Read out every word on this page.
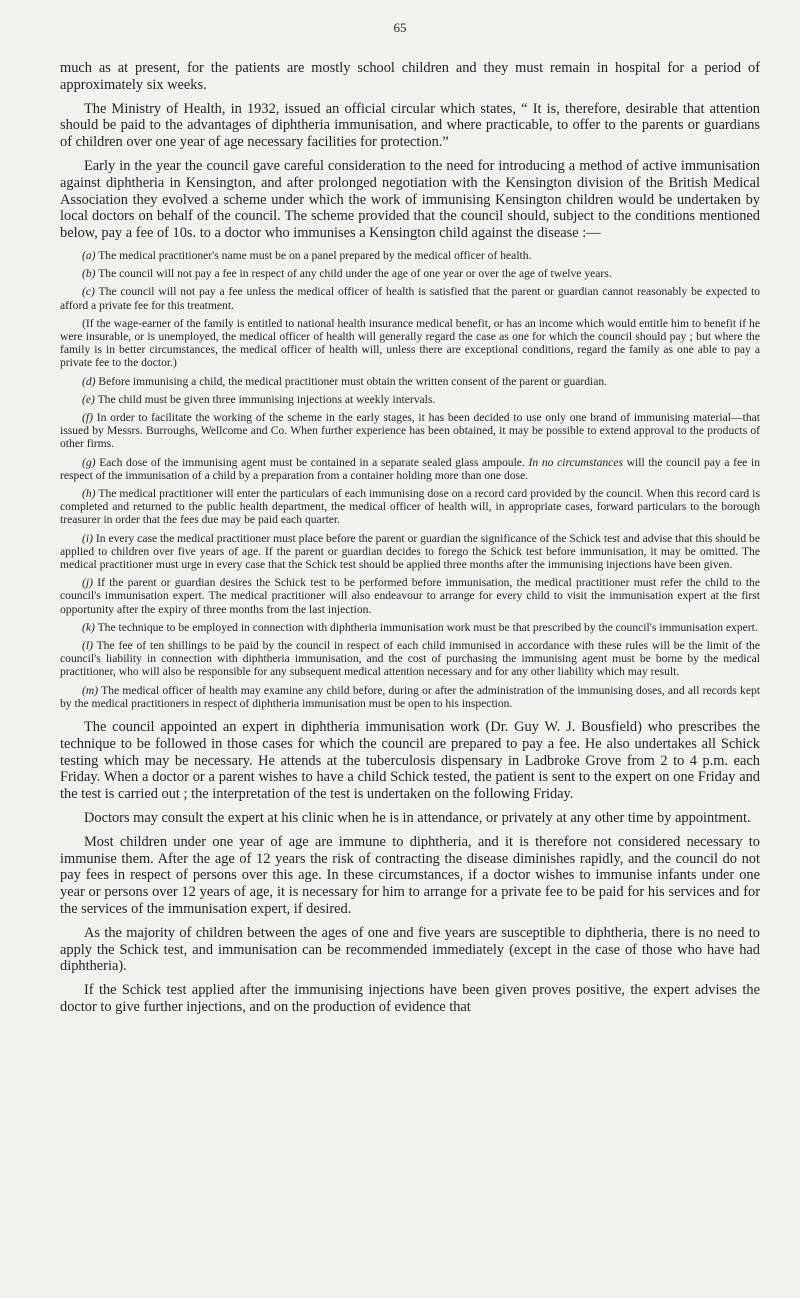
65

much as at present, for the patients are mostly school children and they must remain in hospital for a period of approximately six weeks.

The Ministry of Health, in 1932, issued an official circular which states, “ It is, therefore, desirable that attention should be paid to the advantages of diphtheria immunisation, and where practicable, to offer to the parents or guardians of children over one year of age necessary facilities for protection.”

Early in the year the council gave careful consideration to the need for introducing a method of active immunisation against diphtheria in Kensington, and after prolonged negotiation with the Kensington division of the British Medical Association they evolved a scheme under which the work of immunising Kensington children would be undertaken by local doctors on behalf of the council. The scheme provided that the council should, subject to the conditions mentioned below, pay a fee of 10s. to a doctor who immunises a Kensington child against the disease :—

(a) The medical practitioner's name must be on a panel prepared by the medical officer of health.

(b) The council will not pay a fee in respect of any child under the age of one year or over the age of twelve years.

(c) The council will not pay a fee unless the medical officer of health is satisfied that the parent or guardian cannot reasonably be expected to afford a private fee for this treatment.

(If the wage-earner of the family is entitled to national health insurance medical benefit, or has an income which would entitle him to benefit if he were insurable, or is unemployed, the medical officer of health will generally regard the case as one for which the council should pay ; but where the family is in better circumstances, the medical officer of health will, unless there are exceptional conditions, regard the family as one able to pay a private fee to the doctor.)

(d) Before immunising a child, the medical practitioner must obtain the written consent of the parent or guardian.

(e) The child must be given three immunising injections at weekly intervals.

(f) In order to facilitate the working of the scheme in the early stages, it has been decided to use only one brand of immunising material—that issued by Messrs. Burroughs, Wellcome and Co. When further experience has been obtained, it may be possible to extend approval to the products of other firms.

(g) Each dose of the immunising agent must be contained in a separate sealed glass ampoule. In no circumstances will the council pay a fee in respect of the immunisation of a child by a preparation from a container holding more than one dose.

(h) The medical practitioner will enter the particulars of each immunising dose on a record card provided by the council. When this record card is completed and returned to the public health department, the medical officer of health will, in appropriate cases, forward particulars to the borough treasurer in order that the fees due may be paid each quarter.

(i) In every case the medical practitioner must place before the parent or guardian the significance of the Schick test and advise that this should be applied to children over five years of age. If the parent or guardian decides to forego the Schick test before immunisation, it may be omitted. The medical practitioner must urge in every case that the Schick test should be applied three months after the immunising injections have been given.

(j) If the parent or guardian desires the Schick test to be performed before immunisation, the medical practitioner must refer the child to the council's immunisation expert. The medical practitioner will also endeavour to arrange for every child to visit the immunisation expert at the first opportunity after the expiry of three months from the last injection.

(k) The technique to be employed in connection with diphtheria immunisation work must be that prescribed by the council's immunisation expert.

(l) The fee of ten shillings to be paid by the council in respect of each child immunised in accordance with these rules will be the limit of the council's liability in connection with diphtheria immunisation, and the cost of purchasing the immunising agent must be borne by the medical practitioner, who will also be responsible for any subsequent medical attention necessary and for any other liability which may result.

(m) The medical officer of health may examine any child before, during or after the administration of the immunising doses, and all records kept by the medical practitioners in respect of diphtheria immunisation must be open to his inspection.

The council appointed an expert in diphtheria immunisation work (Dr. Guy W. J. Bousfield) who prescribes the technique to be followed in those cases for which the council are prepared to pay a fee. He also undertakes all Schick testing which may be necessary. He attends at the tuberculosis dispensary in Ladbroke Grove from 2 to 4 p.m. each Friday. When a doctor or a parent wishes to have a child Schick tested, the patient is sent to the expert on one Friday and the test is carried out ; the interpretation of the test is undertaken on the following Friday.

Doctors may consult the expert at his clinic when he is in attendance, or privately at any other time by appointment.

Most children under one year of age are immune to diphtheria, and it is therefore not considered necessary to immunise them. After the age of 12 years the risk of contracting the disease diminishes rapidly, and the council do not pay fees in respect of persons over this age. In these circumstances, if a doctor wishes to immunise infants under one year or persons over 12 years of age, it is necessary for him to arrange for a private fee to be paid for his services and for the services of the immunisation expert, if desired.

As the majority of children between the ages of one and five years are susceptible to diphtheria, there is no need to apply the Schick test, and immunisation can be recommended immediately (except in the case of those who have had diphtheria).

If the Schick test applied after the immunising injections have been given proves positive, the expert advises the doctor to give further injections, and on the production of evidence that
